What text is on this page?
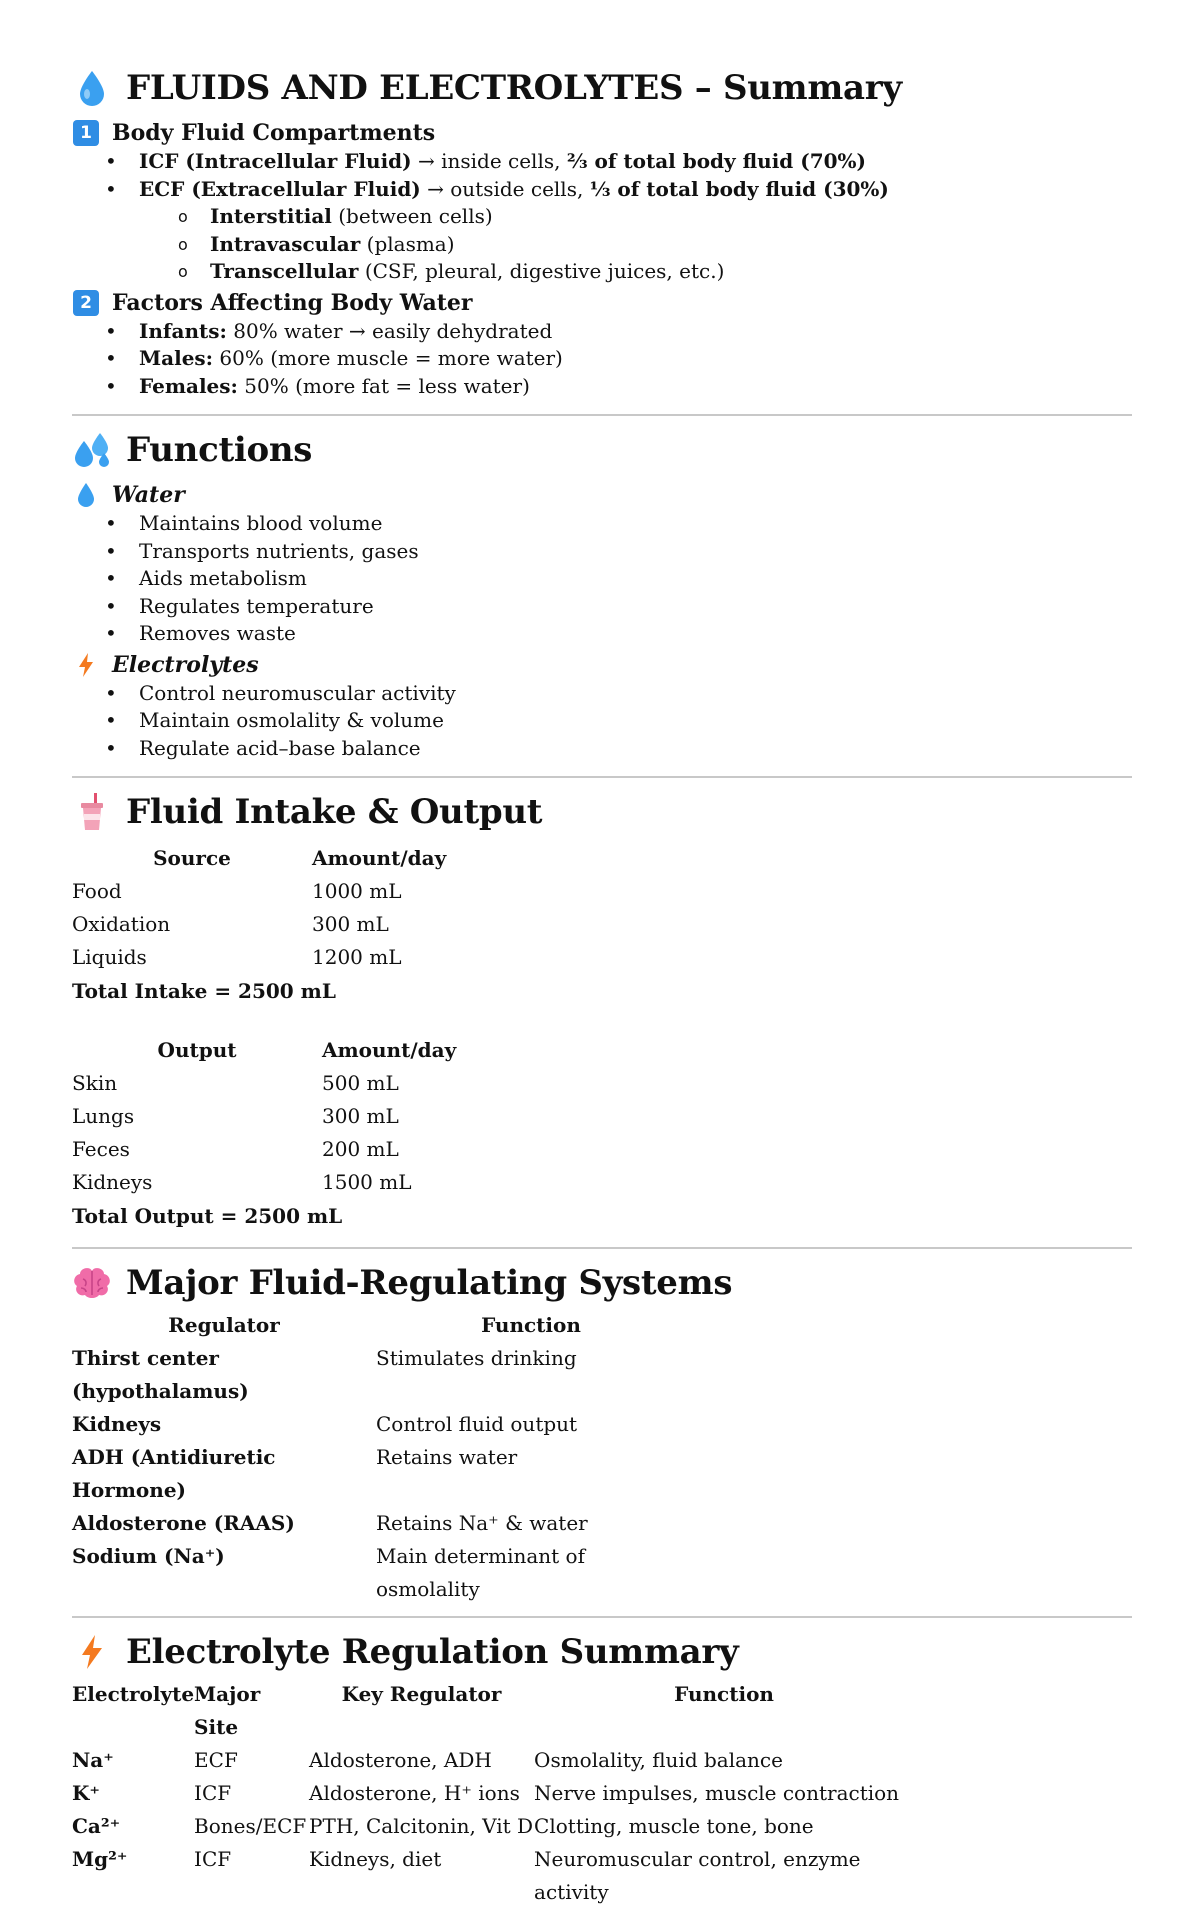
FLUIDS AND ELECTROLYTES – Summary
1 Body Fluid Compartments
• ICF (Intracellular Fluid) → inside cells, ⅔ of total body fluid (70%)
• ECF (Extracellular Fluid) → outside cells, ⅓ of total body fluid (30%)
o Interstitial (between cells)
o Intravascular (plasma)
o Transcellular (CSF, pleural, digestive juices, etc.)
2 Factors Affecting Body Water
• Infants: 80% water → easily dehydrated
• Males: 60% (more muscle = more water)
• Females: 50% (more fat = less water)
Functions
Water
• Maintains blood volume
• Transports nutrients, gases
• Aids metabolism
• Regulates temperature
• Removes waste
Electrolytes
• Control neuromuscular activity
• Maintain osmolality & volume
• Regulate acid–base balance
Fluid Intake & Output
Source	Amount/day
Food	1000 mL
Oxidation	300 mL
Liquids	1200 mL
Total Intake = 2500 mL
Output	Amount/day
Skin	500 mL
Lungs	300 mL
Feces	200 mL
Kidneys	1500 mL
Total Output = 2500 mL
Major Fluid-Regulating Systems
Regulator	Function
Thirst center (hypothalamus)	Stimulates drinking
Kidneys	Control fluid output
ADH (Antidiuretic Hormone)	Retains water
Aldosterone (RAAS)	Retains Na⁺ & water
Sodium (Na⁺)	Main determinant of osmolality
Electrolyte Regulation Summary
Electrolyte	Major Site	Key Regulator	Function
Na⁺	ECF	Aldosterone, ADH	Osmolality, fluid balance
K⁺	ICF	Aldosterone, H⁺ ions	Nerve impulses, muscle contraction
Ca²⁺	Bones/ECF	PTH, Calcitonin, Vit D	Clotting, muscle tone, bone
Mg²⁺	ICF	Kidneys, diet	Neuromuscular control, enzyme activity
